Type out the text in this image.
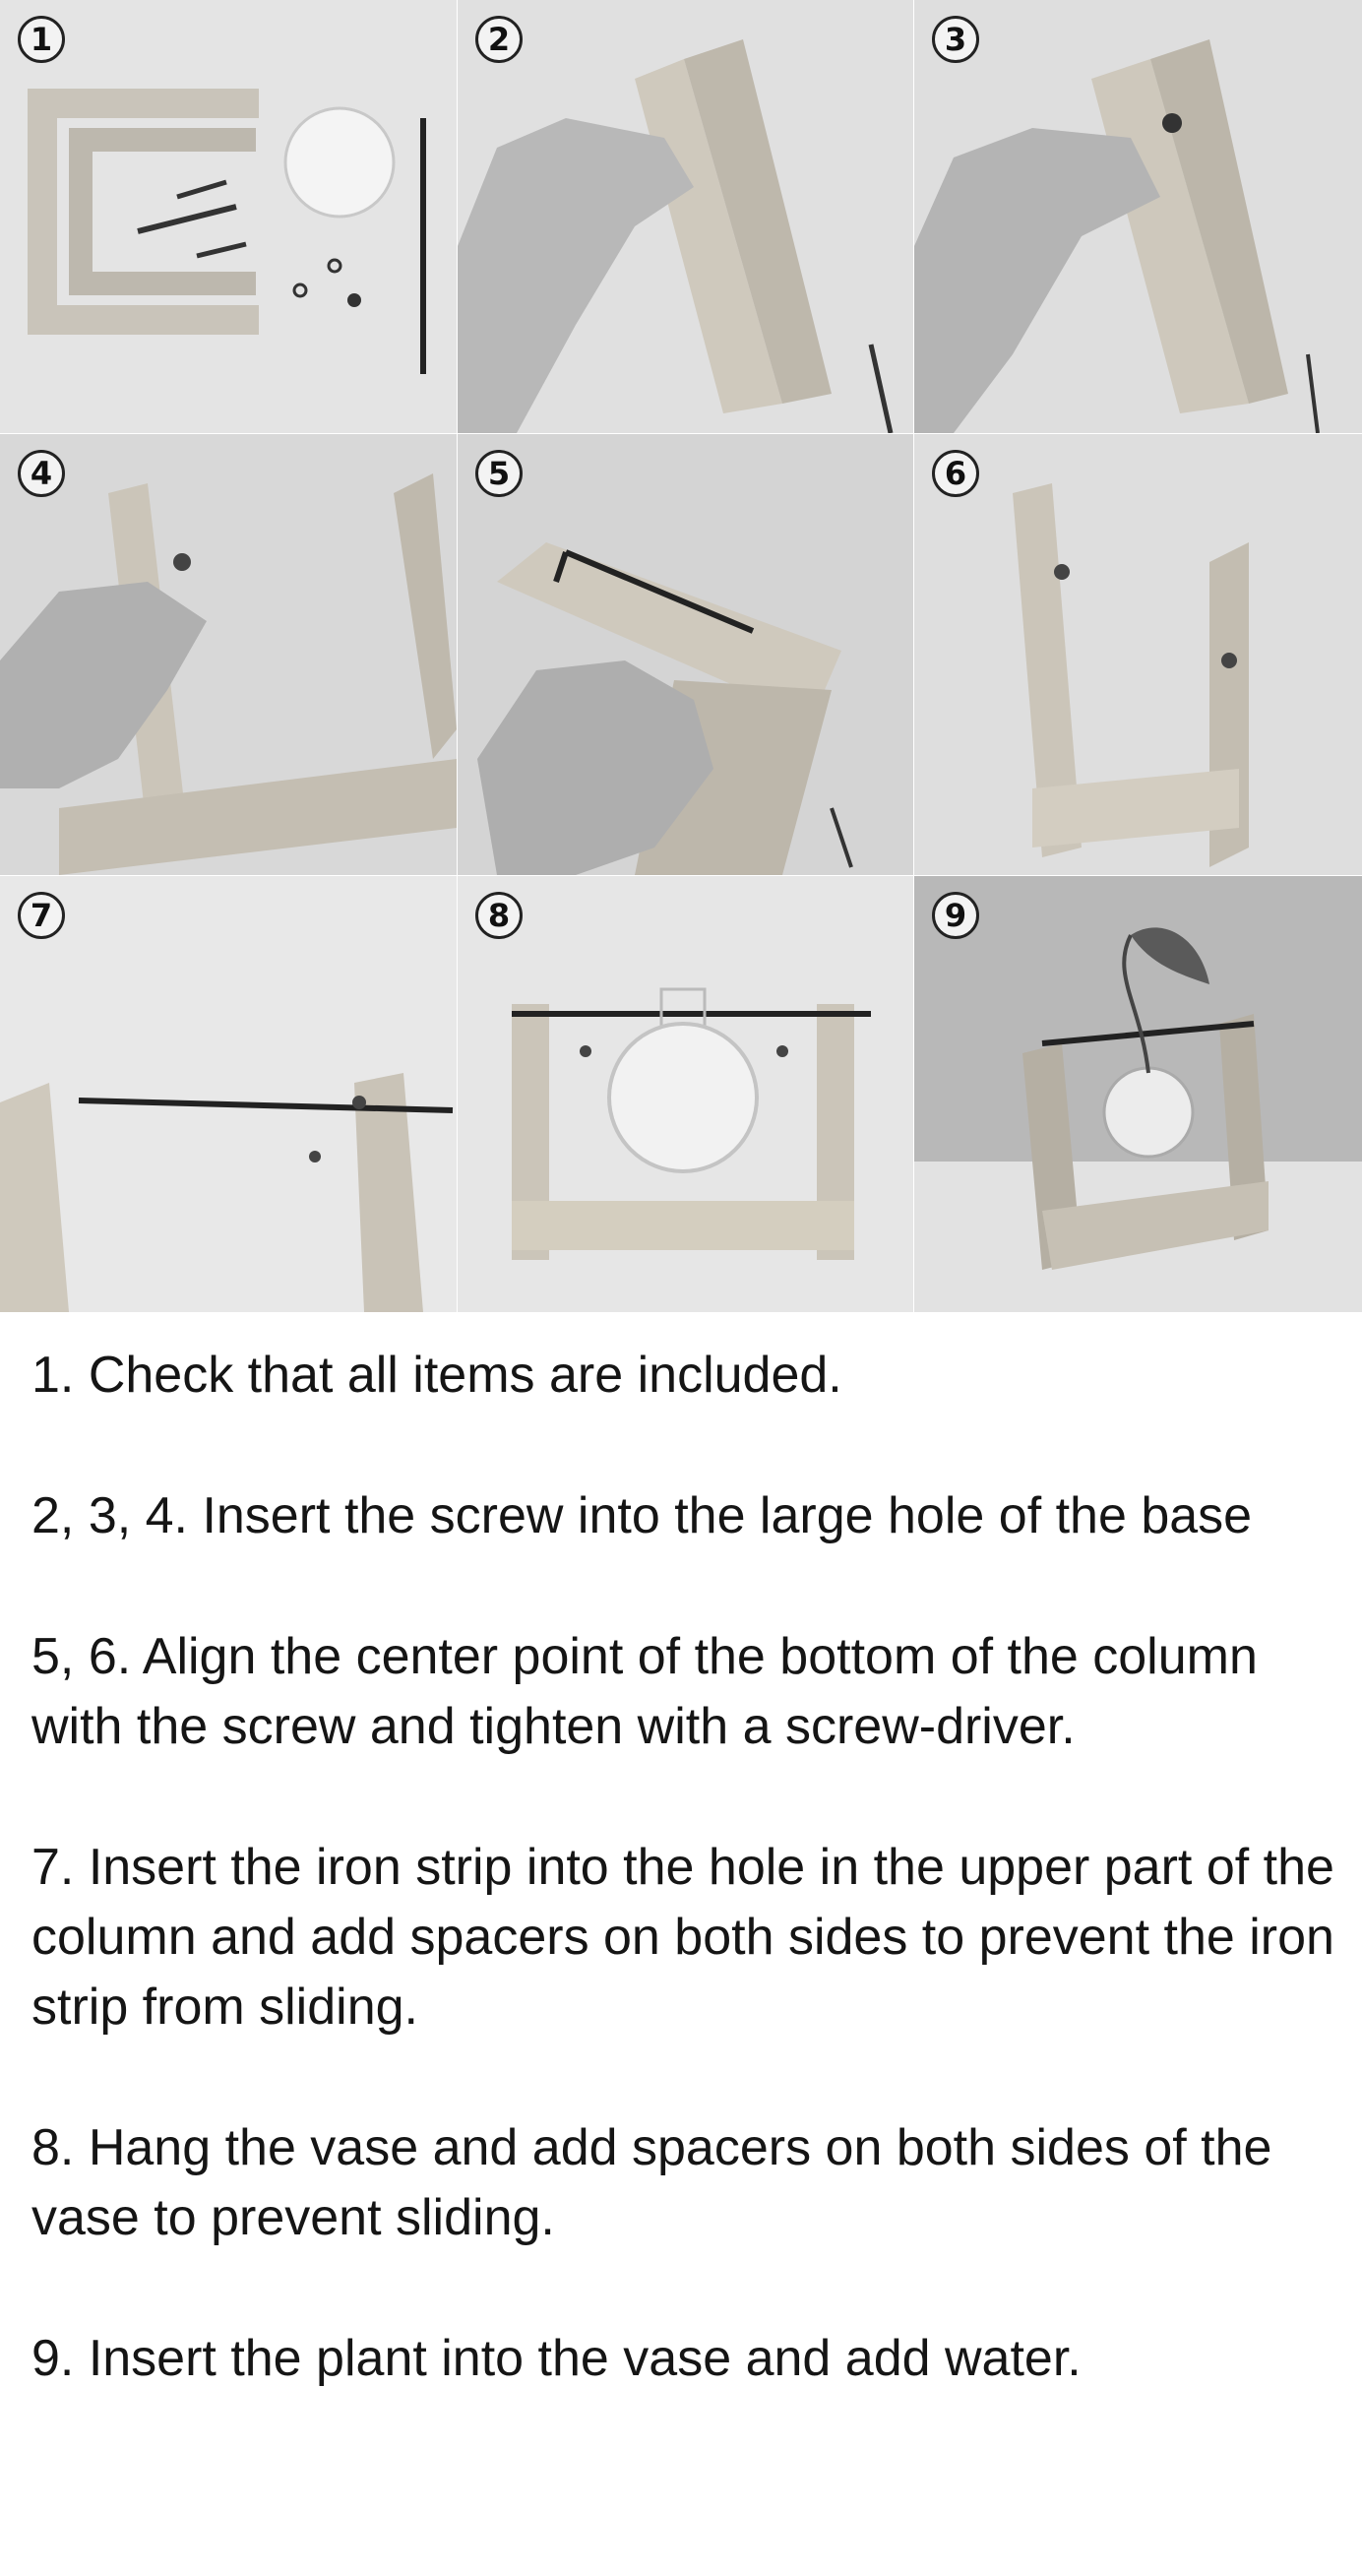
1	2	3
4	5	6
7	8	9

1. Check that all items are included.

2, 3, 4. Insert the screw into the large hole of the base

5, 6. Align the center point of the bottom of the column with the screw and tighten with a screw-driver.

7. Insert the iron strip into the hole in the upper part of the column and add spacers on both sides to prevent the iron strip from sliding.

8. Hang the vase and add spacers on both sides of the vase to prevent sliding.

9. Insert the plant into the vase and add water.
